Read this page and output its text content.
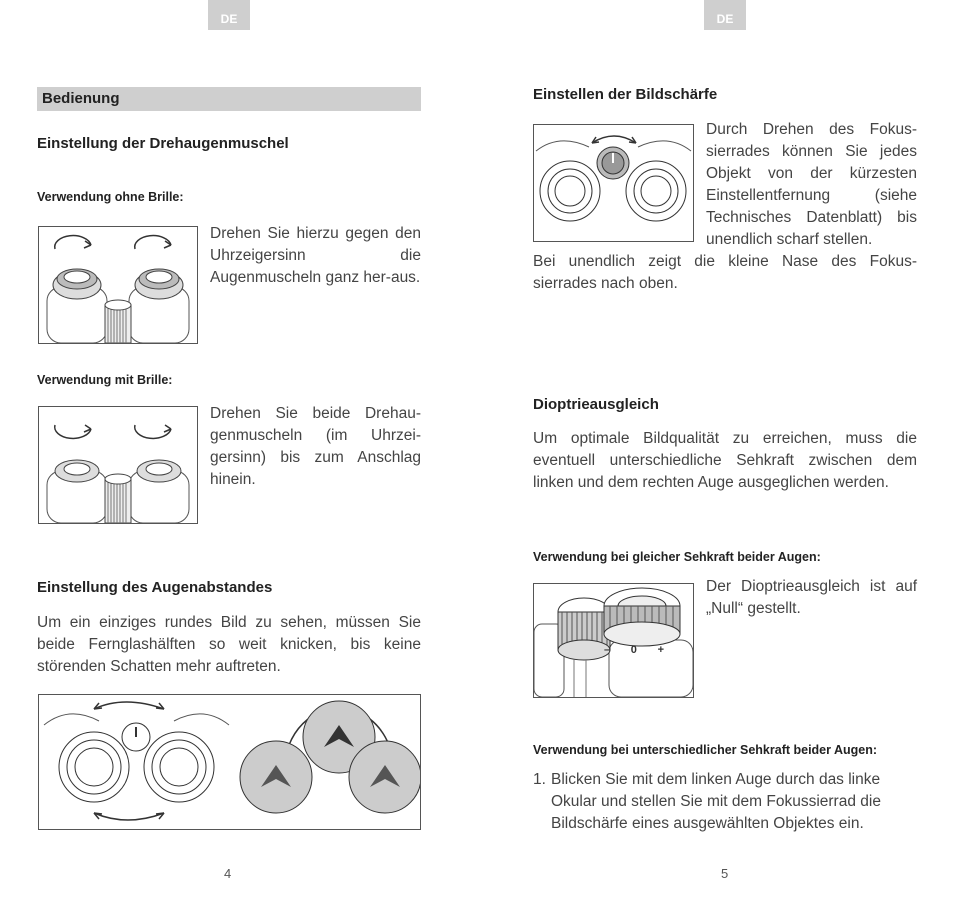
DE
Bedienung
Einstellung der Drehaugenmuschel
Verwendung ohne Brille:
Drehen Sie hierzu gegen den Uhrzeigersinn die Augenmuscheln ganz her-aus.
Verwendung mit Brille:
Drehen Sie beide Drehau-genmuscheln (im Uhrzei-gersinn) bis zum Anschlag hinein.
Einstellung des Augenabstandes
Um ein einziges rundes Bild zu sehen, müssen Sie beide Fernglashälften so weit knicken, bis keine störenden Schatten mehr auftreten.
4
DE
Einstellen der Bildschärfe
Durch Drehen des Fokus-sierrades können Sie jedes Objekt von der kürzesten Einstellentfernung (siehe Technisches Datenblatt) bis unendlich scharf stellen.
Bei unendlich zeigt die kleine Nase des Fokus-sierrades nach oben.
Dioptrieausgleich
Um optimale Bildqualität zu erreichen, muss die eventuell unterschiedliche Sehkraft zwischen dem linken und dem rechten Auge ausgeglichen werden.
Verwendung bei gleicher Sehkraft beider Augen:
– 0 +
Der Dioptrieausgleich ist auf „Null“ gestellt.
Verwendung bei unterschiedlicher Sehkraft beider Augen:
1. Blicken Sie mit dem linken Auge durch das linke Okular und stellen Sie mit dem Fokussierrad die Bildschärfe eines ausgewählten Objektes ein.
5
